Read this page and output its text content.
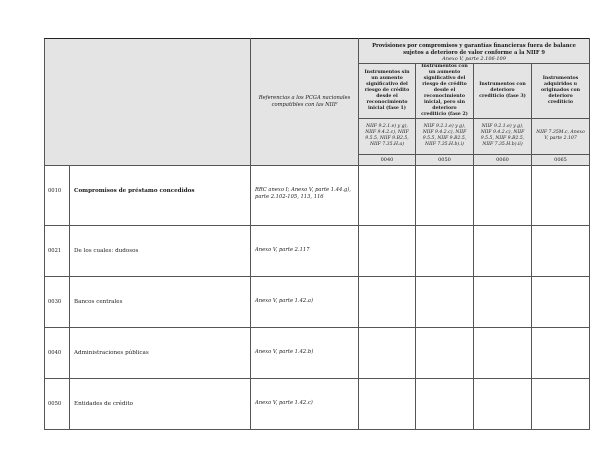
		Referencias a los PCGA nacionales compatibles con las NIIF	Provisiones por compromisos y garantías financieras fuera de balance sujetos a deterioro de valor conforme a la NIIF 9
Anexo V, parte 2.106-109			

			Instrumentos sin un aumento significativo del riesgo de crédito desde el reconocimiento inicial (fase 1)	Instrumentos con un aumento significativo del riesgo de crédito desde el reconocimiento inicial, pero sin deterioro crediticio (fase 2)	Instrumentos con deterioro crediticio (fase 3)	Instrumentos adquiridos u originados con deterioro crediticio

			NIIF 9.2.1.e) y g), NIIF 9.4.2.c), NIIF 9.5.5, NIIF 9.B2.5, NIIF 7.35.H.a)	NIIF 9.2.1.e) y g), NIIF 9.4.2.c), NIIF 9.5.5, NIIF 9.B2.5, NIIF 7.35.H.b).i)	NIIF 9.2.1.e) y g), NIIF 9.4.2.c), NIIF 9.5.5, NIIF 9.B2.5, NIIF 7.35.H.b).ii)	NIIF 7.35M.c, Anexo V, parte 2.107

			0040	0050	0060	0065

0010	Compromisos de préstamo concedidos	RRC anexo I; Anexo V, parte 1.44.g), parte 2.102-105, 113, 116				

0021	De los cuales: dudosos	Anexo V, parte 2.117				

0030	Bancos centrales	Anexo V, parte 1.42.a)				

0040	Administraciones públicas	Anexo V, parte 1.42.b)				

0050	Entidades de crédito	Anexo V, parte 1.42.c)				
